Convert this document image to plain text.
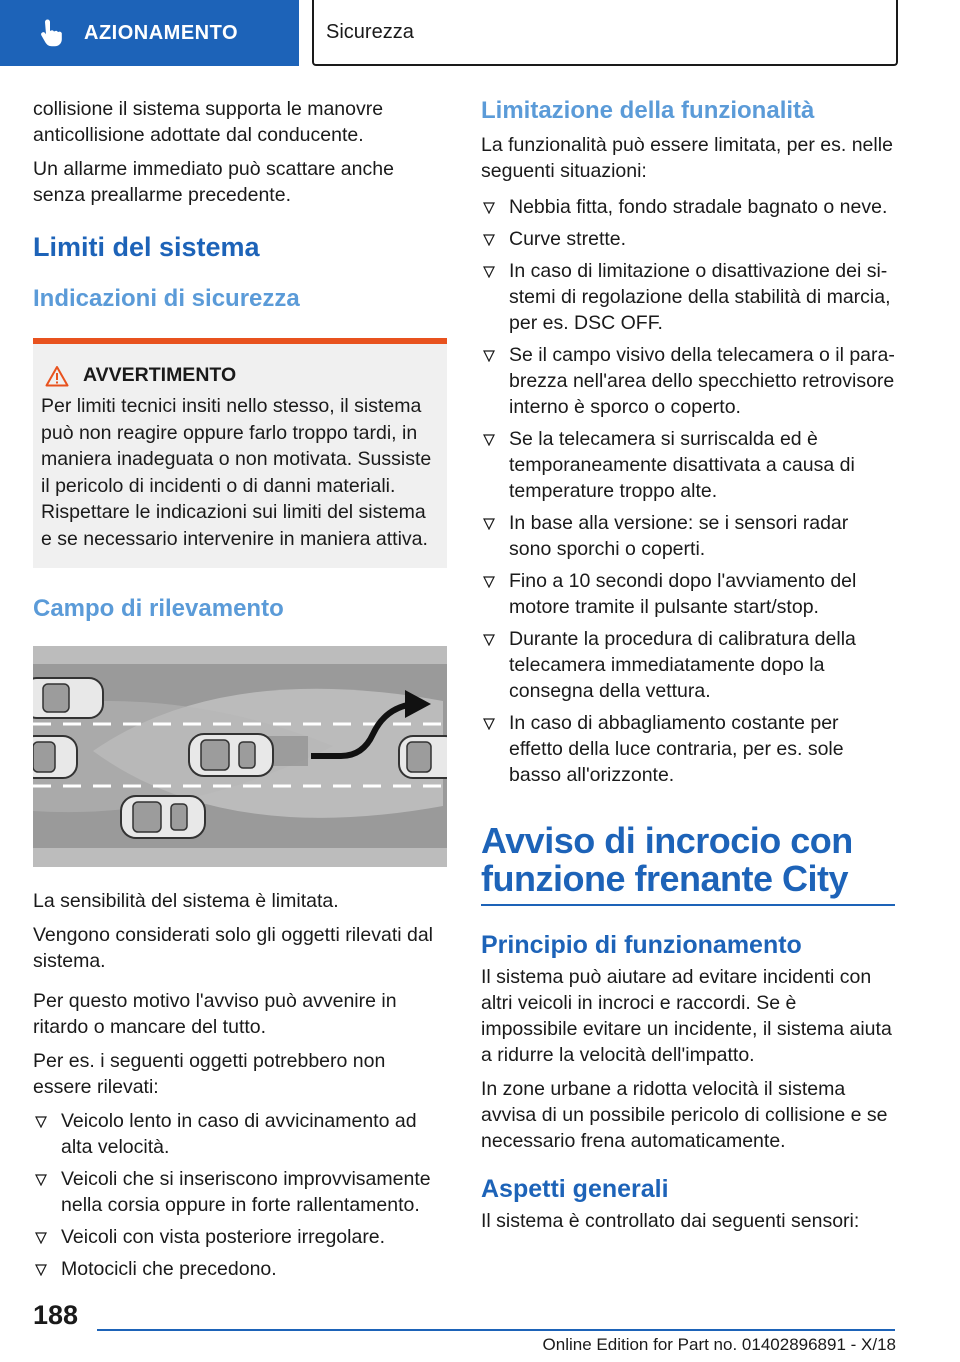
AZIONAMENTO	Sicurezza

collisione il sistema supporta le manovre anticollisione adottate dal conducente.

Un allarme immediato può scattare anche senza preallarme precedente.

Limiti del sistema
Indicazioni di sicurezza
AVVERTIMENTO

Per limiti tecnici insiti nello stesso, il sistema può non reagire oppure farlo troppo tardi, in maniera inadeguata o non motivata. Sussiste il pericolo di incidenti o di danni materiali. Rispettare le indicazioni sui limiti del sistema e se necessario intervenire in maniera attiva.

Campo di rilevamento

La sensibilità del sistema è limitata.

Vengono considerati solo gli oggetti rilevati dal sistema.

Per questo motivo l'avviso può avvenire in ritardo o mancare del tutto.

Per es. i seguenti oggetti potrebbero non essere rilevati:

Veicolo lento in caso di avvicinamento ad alta velocità.
Veicoli che si inseriscono improvvisamente nella corsia oppure in forte rallentamento.
Veicoli con vista posteriore irregolare.
Motocicli che precedono.
Limitazione della funzionalità

La funzionalità può essere limitata, per es. nelle seguenti situazioni:

Nebbia fitta, fondo stradale bagnato o neve.
Curve strette.
In caso di limitazione o disattivazione dei sistemi di regolazione della stabilità di marcia, per es. DSC OFF.
Se il campo visivo della telecamera o il parabrezza nell'area dello specchietto retrovisore interno è sporco o coperto.
Se la telecamera si surriscalda ed è temporaneamente disattivata a causa di temperature troppo alte.
In base alla versione: se i sensori radar sono sporchi o coperti.
Fino a 10 secondi dopo l'avviamento del motore tramite il pulsante start/stop.
Durante la procedura di calibratura della telecamera immediatamente dopo la consegna della vettura.
In caso di abbagliamento costante per effetto della luce contraria, per es. sole basso all'orizzonte.
Avviso di incrocio con funzione frenante City
Principio di funzionamento

Il sistema può aiutare ad evitare incidenti con altri veicoli in incroci e raccordi. Se è impossibile evitare un incidente, il sistema aiuta a ridurre la velocità dell'impatto.

In zone urbane a ridotta velocità il sistema avvisa di un possibile pericolo di collisione e se necessario frena automaticamente.

Aspetti generali

Il sistema è controllato dai seguenti sensori:

188
Online Edition for Part no. 01402896891 - X/18
